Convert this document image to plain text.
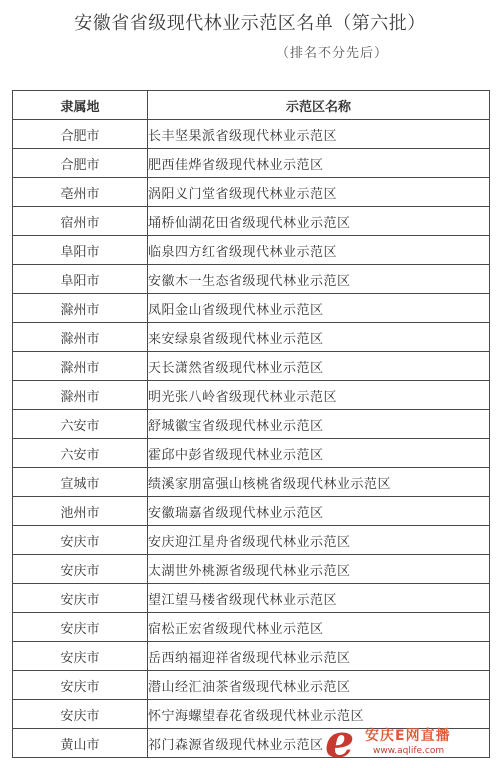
安徽省省级现代林业示范区名单（第六批）
（排名不分先后）
隶属地	示范区名称
合肥市	长丰坚果派省级现代林业示范区
合肥市	肥西佳烨省级现代林业示范区
亳州市	涡阳义门堂省级现代林业示范区
宿州市	埇桥仙湖花田省级现代林业示范区
阜阳市	临泉四方红省级现代林业示范区
阜阳市	安徽木一生态省级现代林业示范区
滁州市	凤阳金山省级现代林业示范区
滁州市	来安绿泉省级现代林业示范区
滁州市	天长潇然省级现代林业示范区
滁州市	明光张八岭省级现代林业示范区
六安市	舒城徽宝省级现代林业示范区
六安市	霍邱中彭省级现代林业示范区
宣城市	绩溪家朋富强山核桃省级现代林业示范区
池州市	安徽瑞嘉省级现代林业示范区
安庆市	安庆迎江星舟省级现代林业示范区
安庆市	太湖世外桃源省级现代林业示范区
安庆市	望江望马楼省级现代林业示范区
安庆市	宿松正宏省级现代林业示范区
安庆市	岳西纳福迎祥省级现代林业示范区
安庆市	潜山经汇油茶省级现代林业示范区
安庆市	怀宁海螺望春花省级现代林业示范区
黄山市	祁门森源省级现代林业示范区 e 安庆E网直播
www.aqlife.com
